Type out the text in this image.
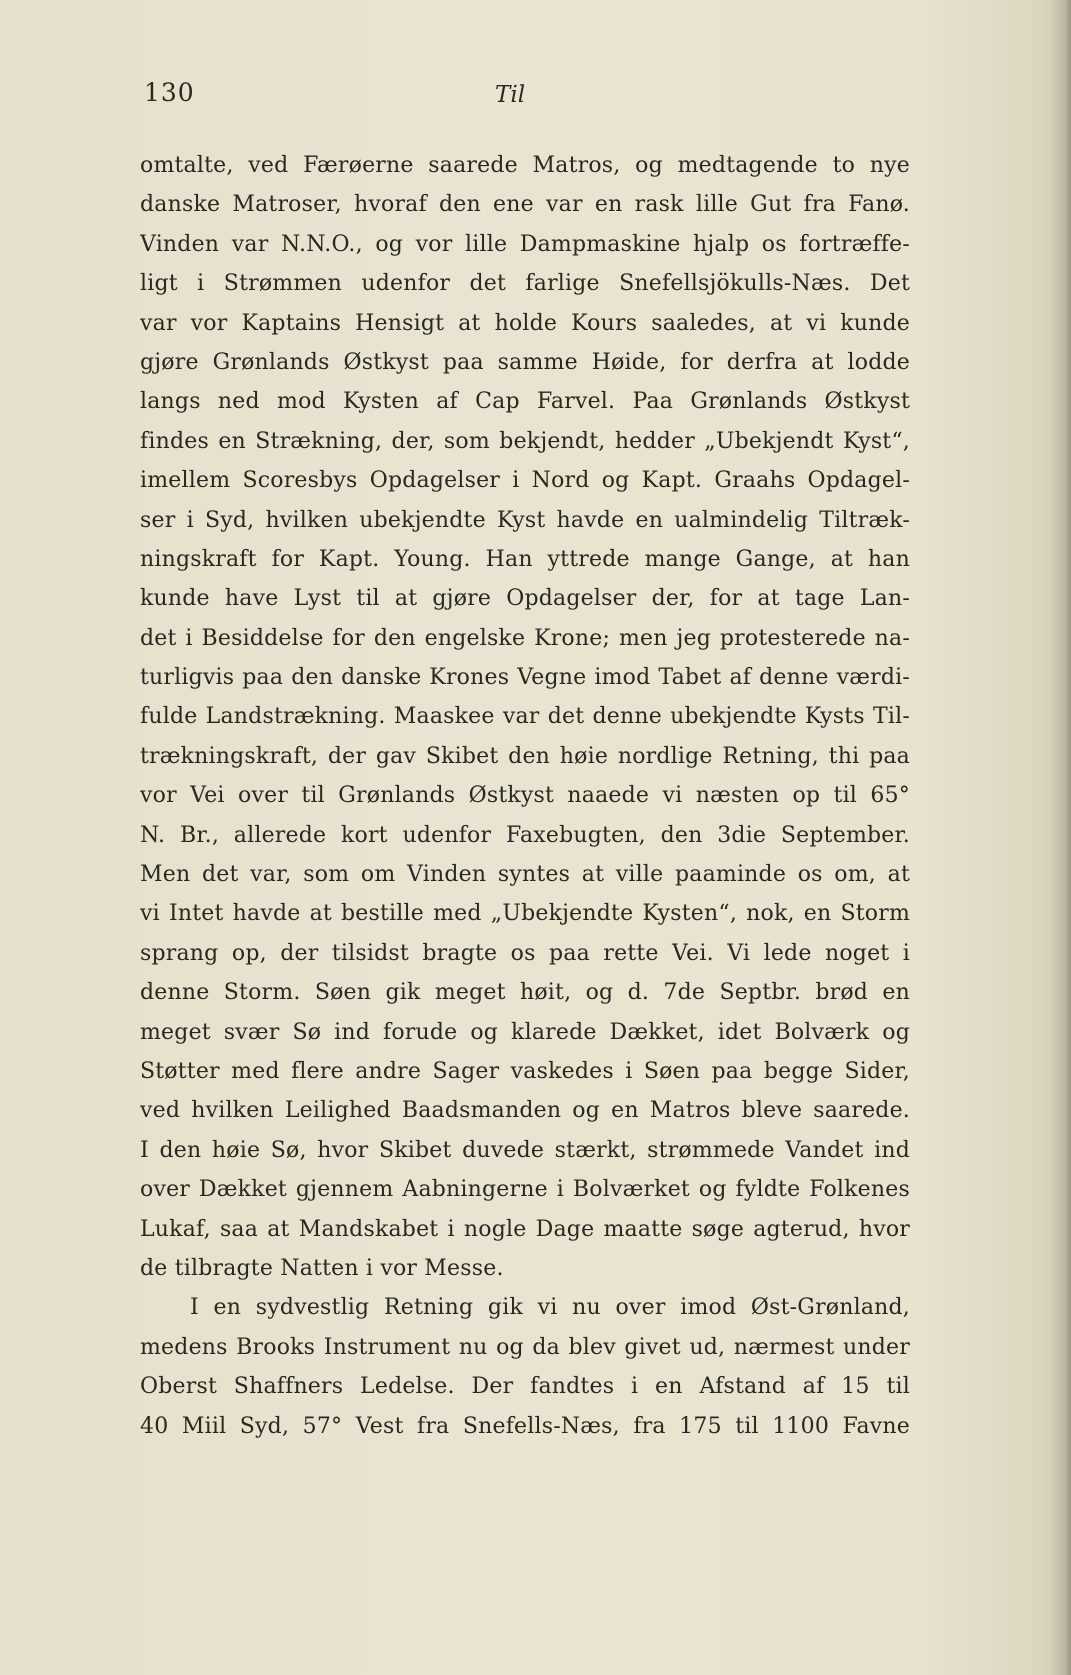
130	Til
omtalte, ved Færøerne saarede Matros, og medtagende to nye
danske Matroser, hvoraf den ene var en rask lille Gut fra Fanø.
Vinden var N.N.O., og vor lille Dampmaskine hjalp os fortræffe-
ligt i Strømmen udenfor det farlige Snefellsjökulls-Næs. Det
var vor Kaptains Hensigt at holde Kours saaledes, at vi kunde
gjøre Grønlands Østkyst paa samme Høide, for derfra at lodde
langs ned mod Kysten af Cap Farvel. Paa Grønlands Østkyst
findes en Strækning, der, som bekjendt, hedder „Ubekjendt Kyst“,
imellem Scoresbys Opdagelser i Nord og Kapt. Graahs Opdagel-
ser i Syd, hvilken ubekjendte Kyst havde en ualmindelig Tiltræk-
ningskraft for Kapt. Young. Han yttrede mange Gange, at han
kunde have Lyst til at gjøre Opdagelser der, for at tage Lan-
det i Besiddelse for den engelske Krone; men jeg protesterede na-
turligvis paa den danske Krones Vegne imod Tabet af denne værdi-
fulde Landstrækning. Maaskee var det denne ubekjendte Kysts Til-
trækningskraft, der gav Skibet den høie nordlige Retning, thi paa
vor Vei over til Grønlands Østkyst naaede vi næsten op til 65°
N. Br., allerede kort udenfor Faxebugten, den 3die September.
Men det var, som om Vinden syntes at ville paaminde os om, at
vi Intet havde at bestille med „Ubekjendte Kysten“, nok, en Storm
sprang op, der tilsidst bragte os paa rette Vei. Vi lede noget i
denne Storm. Søen gik meget høit, og d. 7de Septbr. brød en
meget svær Sø ind forude og klarede Dækket, idet Bolværk og
Støtter med flere andre Sager vaskedes i Søen paa begge Sider,
ved hvilken Leilighed Baadsmanden og en Matros bleve saarede.
I den høie Sø, hvor Skibet duvede stærkt, strømmede Vandet ind
over Dækket gjennem Aabningerne i Bolværket og fyldte Folkenes
Lukaf, saa at Mandskabet i nogle Dage maatte søge agterud, hvor
de tilbragte Natten i vor Messe.
I en sydvestlig Retning gik vi nu over imod Øst-Grønland,
medens Brooks Instrument nu og da blev givet ud, nærmest under
Oberst Shaffners Ledelse. Der fandtes i en Afstand af 15 til
40 Miil Syd, 57° Vest fra Snefells-Næs, fra 175 til 1100 Favne
